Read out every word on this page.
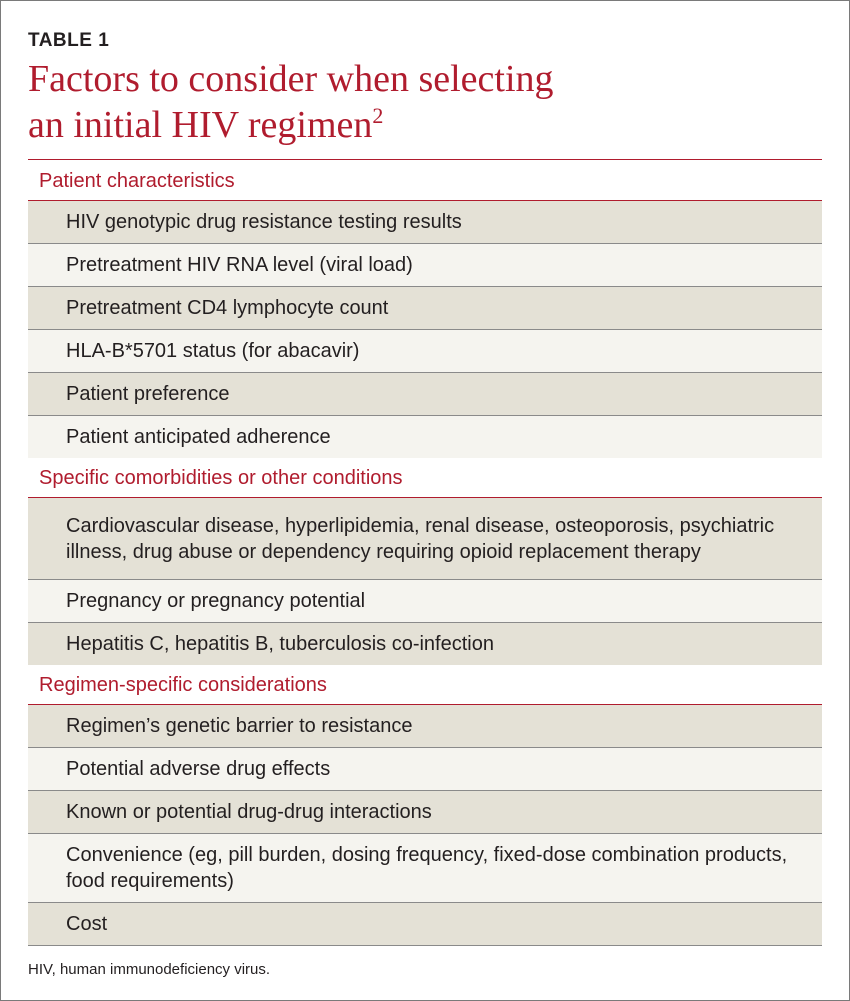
TABLE 1
Factors to consider when selecting
an initial HIV regimen$^2$
Patient characteristics
HIV genotypic drug resistance testing results
Pretreatment HIV RNA level (viral load)
Pretreatment CD4 lymphocyte count
HLA-B*5701 status (for abacavir)
Patient preference
Patient anticipated adherence
Specific comorbidities or other conditions
Cardiovascular disease, hyperlipidemia, renal disease, osteoporosis, psychiatric illness, drug abuse or dependency requiring opioid replacement therapy
Pregnancy or pregnancy potential
Hepatitis C, hepatitis B, tuberculosis co-infection
Regimen-specific considerations
Regimen’s genetic barrier to resistance
Potential adverse drug effects
Known or potential drug-drug interactions
Convenience (eg, pill burden, dosing frequency, fixed-dose combination products, food requirements)
Cost
HIV, human immunodeficiency virus.
